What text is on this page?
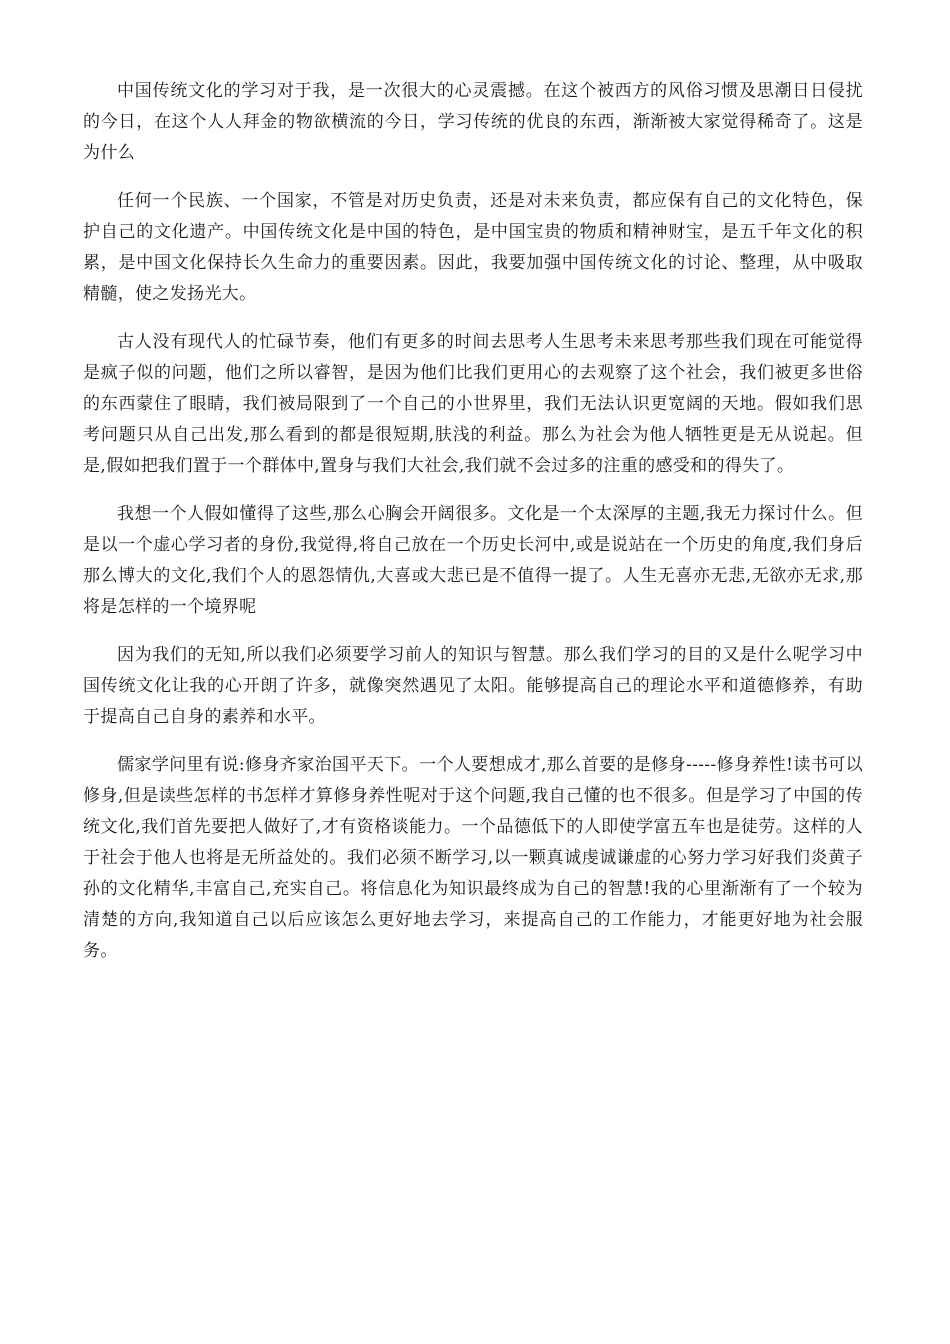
中国传统文化的学习对于我，是一次很大的心灵震撼。在这个被西方的风俗习惯及思潮日日侵扰的今日，在这个人人拜金的物欲横流的今日，学习传统的优良的东西，渐渐被大家觉得稀奇了。这是为什么

任何一个民族、一个国家，不管是对历史负责，还是对未来负责，都应保有自己的文化特色，保护自己的文化遗产。中国传统文化是中国的特色，是中国宝贵的物质和精神财宝，是五千年文化的积累，是中国文化保持长久生命力的重要因素。因此，我要加强中国传统文化的讨论、整理，从中吸取精髓，使之发扬光大。

古人没有现代人的忙碌节奏，他们有更多的时间去思考人生思考未来思考那些我们现在可能觉得是疯子似的问题，他们之所以睿智，是因为他们比我们更用心的去观察了这个社会，我们被更多世俗的东西蒙住了眼睛，我们被局限到了一个自己的小世界里，我们无法认识更宽阔的天地。假如我们思考问题只从自己出发,那么看到的都是很短期,肤浅的利益。那么为社会为他人牺牲更是无从说起。但是,假如把我们置于一个群体中,置身与我们大社会,我们就不会过多的注重的感受和的得失了。

我想一个人假如懂得了这些,那么心胸会开阔很多。文化是一个太深厚的主题,我无力探讨什么。但是以一个虚心学习者的身份,我觉得,将自己放在一个历史长河中,或是说站在一个历史的角度,我们身后那么博大的文化,我们个人的恩怨情仇,大喜或大悲已是不值得一提了。人生无喜亦无悲,无欲亦无求,那将是怎样的一个境界呢

因为我们的无知,所以我们必须要学习前人的知识与智慧。那么我们学习的目的又是什么呢学习中国传统文化让我的心开朗了许多，就像突然遇见了太阳。能够提高自己的理论水平和道德修养，有助于提高自己自身的素养和水平。

儒家学问里有说:修身齐家治国平天下。一个人要想成才,那么首要的是修身-----修身养性!读书可以修身,但是读些怎样的书怎样才算修身养性呢对于这个问题,我自己懂的也不很多。但是学习了中国的传统文化,我们首先要把人做好了,才有资格谈能力。一个品德低下的人即使学富五车也是徒劳。这样的人于社会于他人也将是无所益处的。我们必须不断学习,以一颗真诚虔诚谦虚的心努力学习好我们炎黄子孙的文化精华,丰富自己,充实自己。将信息化为知识最终成为自己的智慧!我的心里渐渐有了一个较为清楚的方向,我知道自己以后应该怎么更好地去学习，来提高自己的工作能力，才能更好地为社会服务。
